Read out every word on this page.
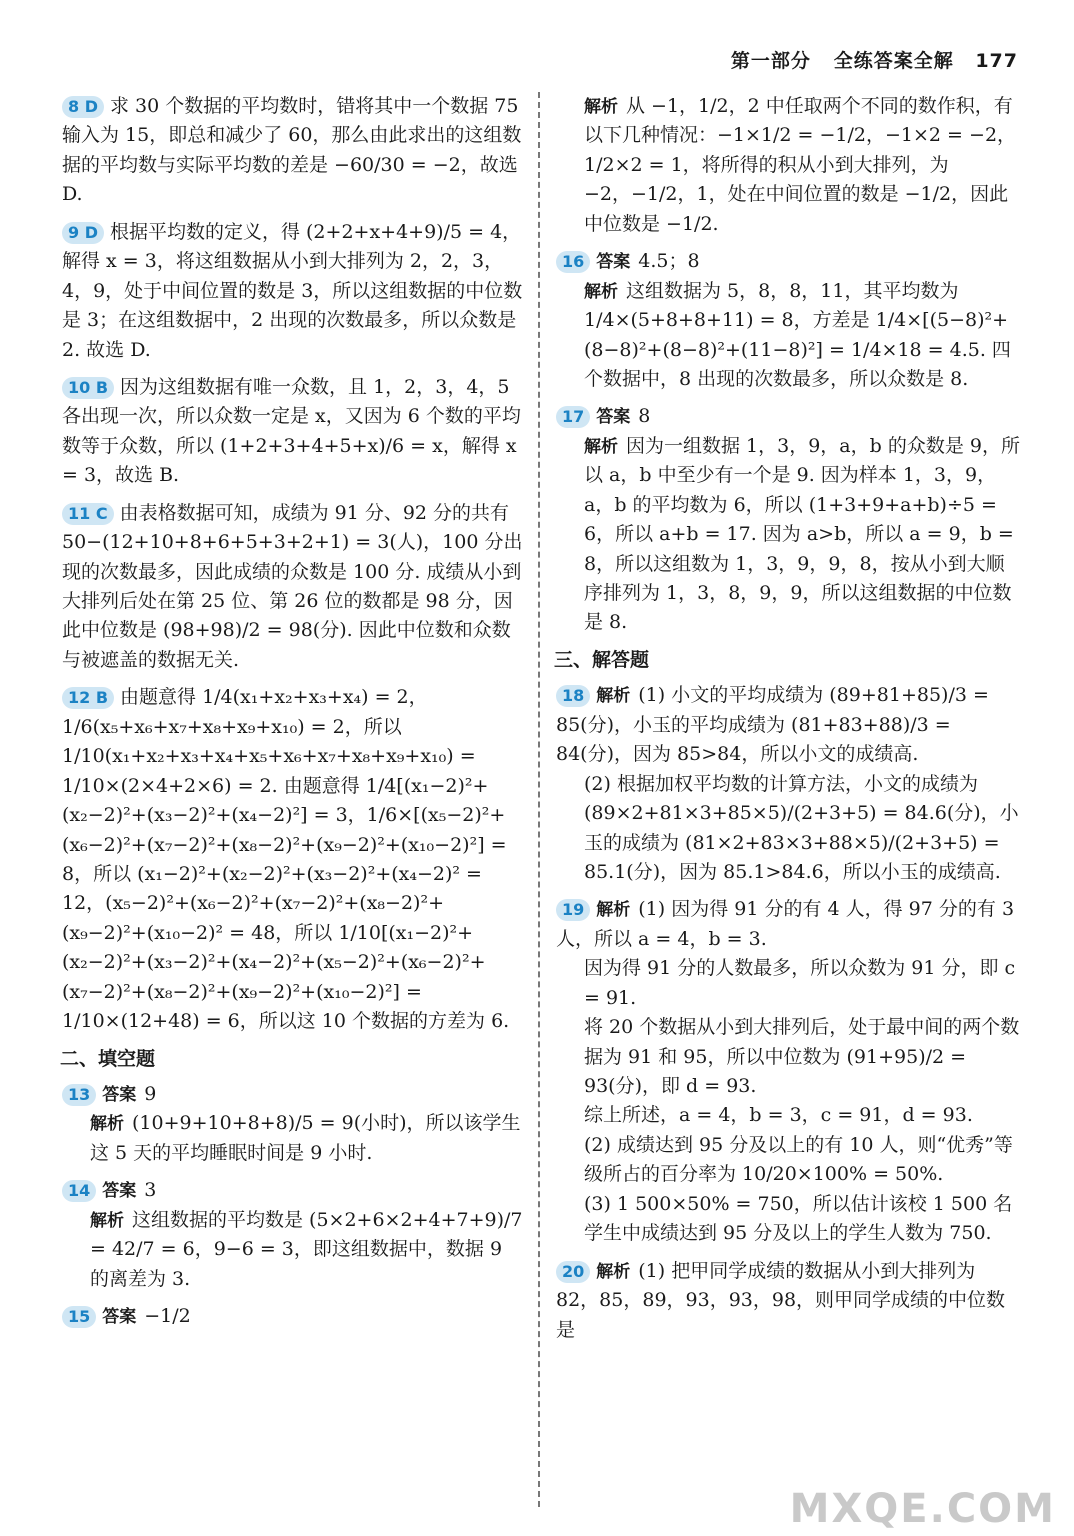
第一部分 全练答案全解 177
8 D 求 30 个数据的平均数时，错将其中一个数据 75 输入为 15，即总和减少了 60，那么由此求出的这组数据的平均数与实际平均数的差是 −60/30 = −2，故选 D.
9 D 根据平均数的定义，得 (2+2+x+4+9)/5 = 4，解得 x = 3，将这组数据从小到大排列为 2，2，3，4，9，处于中间位置的数是 3，所以这组数据的中位数是 3；在这组数据中，2 出现的次数最多，所以众数是 2. 故选 D.
10 B 因为这组数据有唯一众数，且 1，2，3，4，5 各出现一次，所以众数一定是 x，又因为 6 个数的平均数等于众数，所以 (1+2+3+4+5+x)/6 = x，解得 x = 3，故选 B.
11 C 由表格数据可知，成绩为 91 分、92 分的共有 50−(12+10+8+6+5+3+2+1) = 3(人)，100 分出现的次数最多，因此成绩的众数是 100 分. 成绩从小到大排列后处在第 25 位、第 26 位的数都是 98 分，因此中位数是 (98+98)/2 = 98(分). 因此中位数和众数与被遮盖的数据无关.
12 B 由题意得 1/4(x₁+x₂+x₃+x₄) = 2，1/6(x₅+x₆+x₇+x₈+x₉+x₁₀) = 2，所以 1/10(x₁+x₂+x₃+x₄+x₅+x₆+x₇+x₈+x₉+x₁₀) = 1/10×(2×4+2×6) = 2. 由题意得 1/4[(x₁−2)²+(x₂−2)²+(x₃−2)²+(x₄−2)²] = 3，1/6×[(x₅−2)²+(x₆−2)²+(x₇−2)²+(x₈−2)²+(x₉−2)²+(x₁₀−2)²] = 8，所以 (x₁−2)²+(x₂−2)²+(x₃−2)²+(x₄−2)² = 12，(x₅−2)²+(x₆−2)²+(x₇−2)²+(x₈−2)²+(x₉−2)²+(x₁₀−2)² = 48，所以 1/10[(x₁−2)²+(x₂−2)²+(x₃−2)²+(x₄−2)²+(x₅−2)²+(x₆−2)²+(x₇−2)²+(x₈−2)²+(x₉−2)²+(x₁₀−2)²] = 1/10×(12+48) = 6，所以这 10 个数据的方差为 6.
二、填空题
13 答案 9
解析 (10+9+10+8+8)/5 = 9(小时)，所以该学生这 5 天的平均睡眠时间是 9 小时.
14 答案 3
解析 这组数据的平均数是 (5×2+6×2+4+7+9)/7 = 42/7 = 6，9−6 = 3，即这组数据中，数据 9 的离差为 3.
15 答案 −1/2
解析 从 −1，1/2，2 中任取两个不同的数作积，有以下几种情况：−1×1/2 = −1/2，−1×2 = −2，1/2×2 = 1，将所得的积从小到大排列，为 −2，−1/2，1，处在中间位置的数是 −1/2，因此中位数是 −1/2.
16 答案 4.5；8
解析 这组数据为 5，8，8，11，其平均数为 1/4×(5+8+8+11) = 8，方差是 1/4×[(5−8)²+(8−8)²+(8−8)²+(11−8)²] = 1/4×18 = 4.5. 四个数据中，8 出现的次数最多，所以众数是 8.
17 答案 8
解析 因为一组数据 1，3，9，a，b 的众数是 9，所以 a，b 中至少有一个是 9. 因为样本 1，3，9，a，b 的平均数为 6，所以 (1+3+9+a+b)÷5 = 6，所以 a+b = 17. 因为 a>b，所以 a = 9，b = 8，所以这组数为 1，3，9，9，8，按从小到大顺序排列为 1，3，8，9，9，所以这组数据的中位数是 8.
三、解答题
18 解析 (1) 小文的平均成绩为 (89+81+85)/3 = 85(分)，小玉的平均成绩为 (81+83+88)/3 = 84(分)，因为 85>84，所以小文的成绩高.
(2) 根据加权平均数的计算方法，小文的成绩为 (89×2+81×3+85×5)/(2+3+5) = 84.6(分)，小玉的成绩为 (81×2+83×3+88×5)/(2+3+5) = 85.1(分)，因为 85.1>84.6，所以小玉的成绩高.
19 解析 (1) 因为得 91 分的有 4 人，得 97 分的有 3 人，所以 a = 4，b = 3.
因为得 91 分的人数最多，所以众数为 91 分，即 c = 91.
将 20 个数据从小到大排列后，处于最中间的两个数据为 91 和 95，所以中位数为 (91+95)/2 = 93(分)，即 d = 93.
综上所述，a = 4，b = 3，c = 91，d = 93.
(2) 成绩达到 95 分及以上的有 10 人，则“优秀”等级所占的百分率为 10/20×100% = 50%.
(3) 1 500×50% = 750，所以估计该校 1 500 名学生中成绩达到 95 分及以上的学生人数为 750.
20 解析 (1) 把甲同学成绩的数据从小到大排列为 82，85，89，93，93，98，则甲同学成绩的中位数是
MXQE.COM
